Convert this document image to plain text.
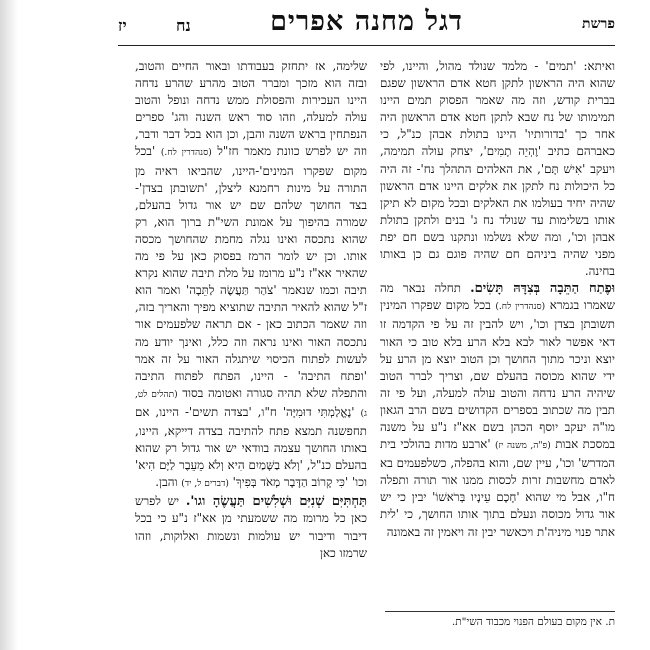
פרשת
דגל מחנה אפרים
נח
יז

ואיתא: 'תמים' - מלמד שנולד מהול, והיינו, לפי שהוא היה הראשון לתקן חטא אדם הראשון שפגם בברית קודש, וזה מה שאמר הפסוק תמים היינו תמימותו של נח שבא לתקן חטא אדם הראשון היה אחר כך 'בדורותיו' היינו בתולת אבהן כנ"ל, כי כאברהם כתיב 'וֶהְיֵה תָמִים', יצחק עולה תמימה, ויעקב 'אִישׁ תָּם', את האלהים התהלך נח'- זה היה כל היכולות נח לתקן את אלקים היינו אדם הראשון שהיה יחיד בעולמו את האלקים ובכל מקום לא תיקן אותו בשלימות עד שנולד נח ג' בנים ולתקן בתולת אבהן וכו', ומה שלא נשלמו ונתקנו בשם חם יפת מפני שהיה ביניהם חם שהיה פוגם גם כן באותו בחינה.

וּפֶתַח הַתֵּבָה בְּצִדָּהּ תָּשִׂים. תחלה נבאר מה שאמרו בגמרא (סנהדרין לח.) בכל מקום שפקרו המינין תשובתן בצדן וכו', ויש להבין זה על פי הקדמה זו דאי אפשר לאור לבא בלא הרע בלא טוב כי האור יוצא וניכר מתוך החושך וכן הטוב יוצא מן הרע על ידי שהוא מכוסה בהעלם שם, וצריך לברר הטוב שיהיה הרע נדחה והטוב עולה למעלה, ועל פי זה תבין מה שכתוב בספרים הקדושים בשם הרב הגאון מו"ה יעקב יוסף הכהן בשם אא"ז נ"ע על משנה במסכת אבות (פ"ה, משנה יז) 'ארבע מדות בהולכי בית המדרש' וכו', עיין שם, והוא בהפלה, כשלפעמים בא לאדם מחשבות זרות לכסות ממנו אור תורה ותפלה ח"ו, אבל מי שהוא 'חָכָם עֵינָיו בְּרֹאשׁוֹ' יבין כי יש אור גדול מכוסה ונעלם בתוך אותו החושך, כי 'לית אתר פנוי מיניה'ת ויכאשר יבין זה ויאמין זה באמונה

שלימה, אז יתחזק בעבודתו ובאור החיים והטוב, ובזה הוא מזכך ומברר הטוב מהרע שהרע נדחה היינו העכירות והפסולת ממש נדחה ונופל והטוב עולה למעלה, וזהו סוד ראש השנה והג' ספרים הנפתחין בראש השנה והבן, וכן הוא בכל דבר ודבר, וזה יש לפרש כוונת מאמר חז"ל (סנהדרין לח.) 'בכל מקום שפקרו המינים'-היינו, שהביאו ראיה מן התורה על מינות רחמנא ליצלן, 'תשובתן בצדן'- בצד החושך שלהם שם יש אור גדול בהעלם, שמורה בהיפוך על אמונת השי"ת ברוך הוא, רק שהוא נתכסה ואינו נגלה מחמת שהחושך מכסה אותו. וכן יש לומר הרמז בפסוק כאן על פי מה שהאיר אא"ז נ"ע מרומז על מלת תיבה שהוא נקרא תיבה וכמו שנאמר 'צֹהַר תַּעֲשֶׂה לַתֵּבָה' ואמר הוא ז"ל שהוא להאיר התיבה שתוציא מפיך והאריך בזה, וזה שאמר הכתוב כאן - אם תראה שלפעמים אור נתכסה האור ואינו נראה וזה כלל, ואינך יודע מה לעשות לפתוח הכיסוי שיתגלה האור על זה אמר 'ופתח התיבה' - היינו, הפתח לפתוח התיבה והתפלה שלא תהיה סגורה ואטומה בסוד (תהלים לט, ג) 'נֶאֱלַמְתִּי דוּמִיָּה' ח"ו, 'בצדה תשים'- היינו, אם תחפשנה תמצא פתח להתיבה בצדה דייקא, היינו, באותו החושך עצמה בוודאי יש אור גדול רק שהוא בהעלם כנ"ל, 'וְלֹא בַשָּׁמַיִם הִיא וְלֹא מֵעֵבֶר לַיָּם הִיא' וכו' 'כִּי קָרוֹב הַדָּבָר מְאֹד בְּפִיךָ' (דברים ל, יד) והבן.

תַּחְתִּיִּם שְׁנִיִּם וּשְׁלִשִׁים תַּעֲשֶׂהָ וגו'. יש לפרש כאן כל מרומז מה ששמעתי מן אא"ז נ"ע כי בכל דיבור ודיבור יש עולמות ונשמות ואלוקות, וזהו שרמזו כאן

ת. אין מקום בעולם הפנוי מכבוד השי"ת.
